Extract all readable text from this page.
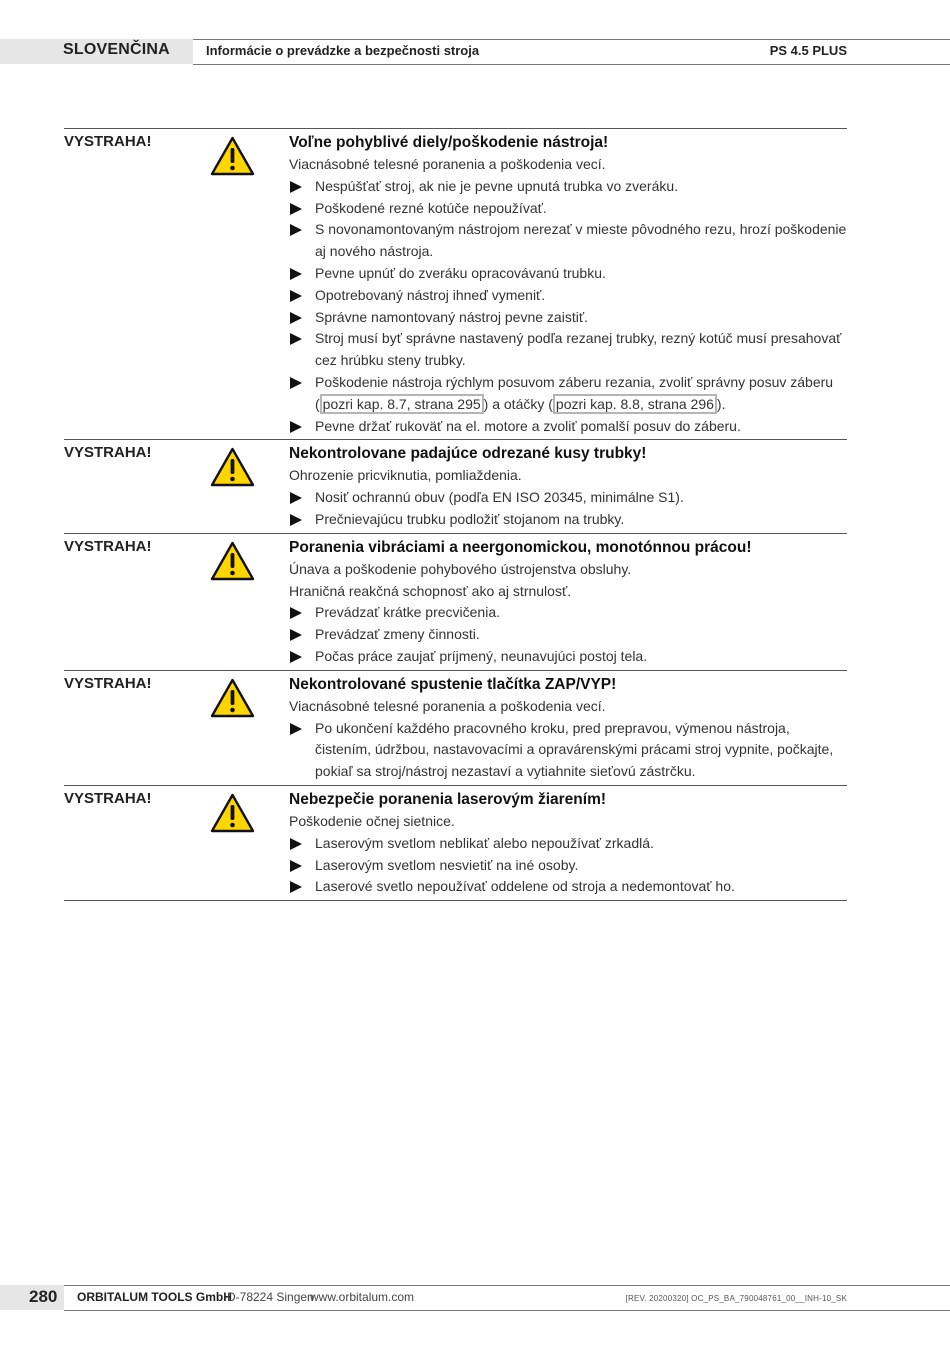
SLOVENČINA	Informácie o prevádzke a bezpečnosti stroja	PS 4.5 PLUS
VYSTRAHA!	Voľne pohyblivé diely/poškodenie nástroja!
Viacnásobné telesné poranenia a poškodenia vecí.
Nespúšťať stroj, ak nie je pevne upnutá trubka vo zveráku.
Poškodené rezné kotúče nepoužívať.
S novonamontovaným nástrojom nerezať v mieste pôvodného rezu, hrozí poškodenie aj nového nástroja.
Pevne upnúť do zveráku opracovávanú trubku.
Opotrebovaný nástroj ihneď vymeniť.
Správne namontovaný nástroj pevne zaistiť.
Stroj musí byť správne nastavený podľa rezanej trubky, rezný kotúč musí presahovať cez hrúbku steny trubky.
Poškodenie nástroja rýchlym posuvom záberu rezania, zvoliť správny posuv záberu ( pozri kap. 8.7, strana 295 ) a otáčky ( pozri kap. 8.8, strana 296 ).
Pevne držať rukoväť na el. motore a zvoliť pomalší posuv do záberu.
VYSTRAHA!	Nekontrolovane padajúce odrezané kusy trubky!
Ohrozenie pricviknutia, pomliaždenia.
Nosiť ochrannú obuv (podľa EN ISO 20345, minimálne S1).
Prečnievajúcu trubku podložiť stojanom na trubky.
VYSTRAHA!	Poranenia vibráciami a neergonomickou, monotónnou prácou!
Únava a poškodenie pohybového ústrojenstva obsluhy.
Hraničná reakčná schopnosť ako aj strnulosť.
Prevádzať krátke precvičenia.
Prevádzať zmeny činnosti.
Počas práce zaujať príjmený, neunavujúci postoj tela.
VYSTRAHA!	Nekontrolované spustenie tlačítka ZAP/VYP!
Viacnásobné telesné poranenia a poškodenia vecí.
Po ukončení každého pracovného kroku, pred prepravou, výmenou nástroja, čistením, údržbou, nastavovacími a opravárenskými prácami stroj vypnite, počkajte, pokiaľ sa stroj/nástroj nezastaví a vytiahnite sieťovú zástrčku.
VYSTRAHA!	Nebezpečie poranenia laserovým žiarením!
Poškodenie očnej sietnice.
Laserovým svetlom neblikať alebo nepoužívať zrkadlá.
Laserovým svetlom nesvietiť na iné osoby.
Laserové svetlo nepoužívať oddelene od stroja a nedemontovať ho.
280 ORBITALUM TOOLS GmbH
D-78224 Singen
www.orbitalum.com	[REV. 20200320] OC_PS_BA_790048761_00__INH-10_SK
